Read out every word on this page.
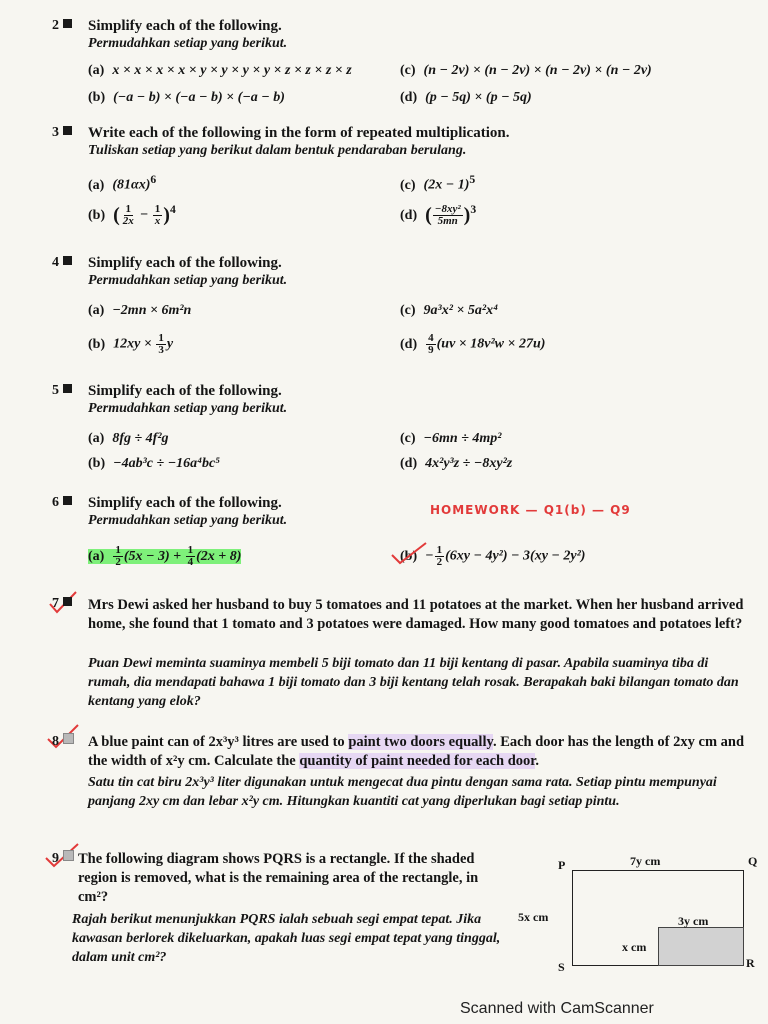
2	Simplify each of the following.
Permudahkan setiap yang berikut.
(a) x × x × x × x × y × y × y × y × z × z × z × z	(c) (n − 2v) × (n − 2v) × (n − 2v) × (n − 2v)
(b) (−a − b) × (−a − b) × (−a − b)	(d) (p − 5q) × (p − 5q)
3	Write each of the following in the form of repeated multiplication.
Tuliskan setiap yang berikut dalam bentuk pendaraban berulang.
(a) $(81\alpha x)^6$	(c) $(2x - 1)^5$
(b) ( $\frac{1}{2x} - \frac{1}{x} )^4$	(d) ( $\frac{\text{−8xy²}}{5mn} )^3$
4	Simplify each of the following.
Permudahkan setiap yang berikut.
(a) −2mn × 6m²n	(c) 9a³x² × 5a²x⁴
(b) $12xy \times \frac{1}{3}$ y	$(d) \frac{4}{9} (uv \times 18v^2w \times 27u)$
5	Simplify each of the following.
Permudahkan setiap yang berikut.
(a) 8fg ÷ 4f²g	(c) −6mn ÷ 4mp²
(b) −4ab³c ÷ −16a⁴bc⁵	(d) 4x²y³z ÷ −8xy²z
6	Simplify each of the following.
Permudahkan setiap yang berikut.
HOMEWORK — Q1(b) — Q9
$(a) \frac{1}{2} (5x - 3) + \frac{1}{4} (2x + 8)$	$(b) - \frac{1}{2} (6xy - 4y^2) - 3(xy - 2y^2)$
7	Mrs Dewi asked her husband to buy 5 tomatoes and 11 potatoes at the market. When her husband arrived home, she found that 1 tomato and 3 potatoes were damaged. How many good tomatoes and potatoes left?
Puan Dewi meminta suaminya membeli 5 biji tomato dan 11 biji kentang di pasar. Apabila suaminya tiba di rumah, dia mendapati bahawa 1 biji tomato dan 3 biji kentang telah rosak. Berapakah baki bilangan tomato dan kentang yang elok?
8	A blue paint can of 2x³y³ litres are used to paint two doors equally. Each door has the length of 2xy cm and the width of x²y cm. Calculate the quantity of paint needed for each door.
Satu tin cat biru 2x³y³ liter digunakan untuk mengecat dua pintu dengan sama rata. Setiap pintu mempunyai panjang 2xy cm dan lebar x²y cm. Hitungkan kuantiti cat yang diperlukan bagi setiap pintu.
9	The following diagram shows PQRS is a rectangle. If the shaded region is removed, what is the remaining area of the rectangle, in cm²?
Rajah berikut menunjukkan PQRS ialah sebuah segi empat tepat. Jika kawasan berlorek dikeluarkan, apakah luas segi empat tepat yang tinggal, dalam unit cm²?
P	Q
R
S
7y cm
5x cm	3y cm
x cm
Scanned with CamScanner
